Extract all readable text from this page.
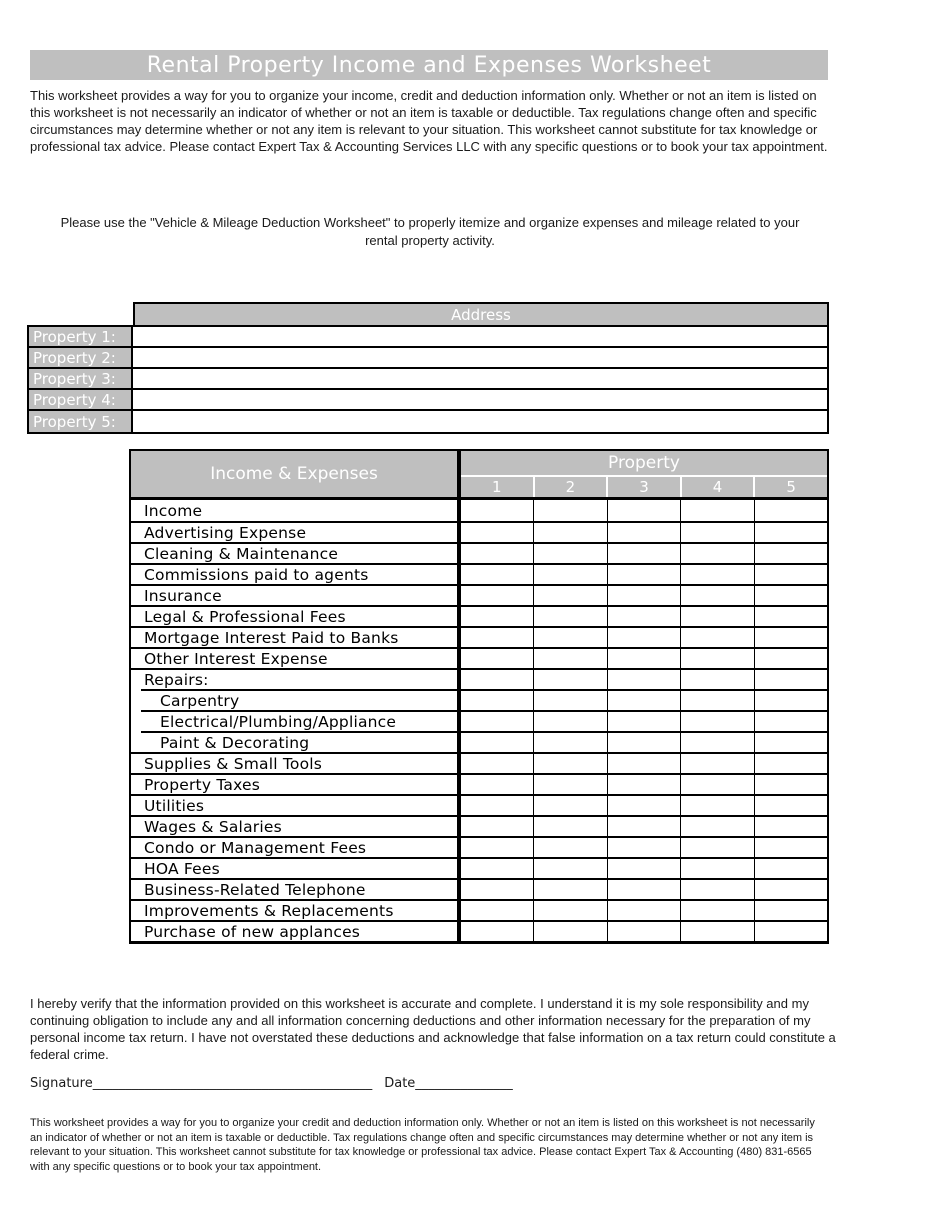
Rental Property Income and Expenses Worksheet
This worksheet provides a way for you to organize your income, credit and deduction information only. Whether or not an item is listed on this worksheet is not necessarily an indicator of whether or not an item is taxable or deductible. Tax regulations change often and specific circumstances may determine whether or not any item is relevant to your situation. This worksheet cannot substitute for tax knowledge or professional tax advice. Please contact Expert Tax & Accounting Services LLC with any specific questions or to book your tax appointment.
Please use the "Vehicle & Mileage Deduction Worksheet" to properly itemize and organize expenses and mileage related to your rental property activity.
Address
Property 1:
Property 2:
Property 3:
Property 4:
Property 5:
Income & Expenses
Property
1	2	3	4	5
Income
Advertising Expense
Cleaning & Maintenance
Commissions paid to agents
Insurance
Legal & Professional Fees
Mortgage Interest Paid to Banks
Other Interest Expense
Repairs:
Carpentry
Electrical/Plumbing/Appliance
Paint & Decorating
Supplies & Small Tools
Property Taxes
Utilities
Wages & Salaries
Condo or Management Fees
HOA Fees
Business-Related Telephone
Improvements & Replacements
Purchase of new applances
I hereby verify that the information provided on this worksheet is accurate and complete. I understand it is my sole responsibility and my continuing obligation to include any and all information concerning deductions and other information necessary for the preparation of my personal income tax return. I have not overstated these deductions and acknowledge that false information on a tax return could constitute a federal crime.
Signature___________________________________________ Date_______________
This worksheet provides a way for you to organize your credit and deduction information only. Whether or not an item is listed on this worksheet is not necessarily an indicator of whether or not an item is taxable or deductible. Tax regulations change often and specific circumstances may determine whether or not any item is relevant to your situation. This worksheet cannot substitute for tax knowledge or professional tax advice. Please contact Expert Tax & Accounting (480) 831-6565 with any specific questions or to book your tax appointment.
